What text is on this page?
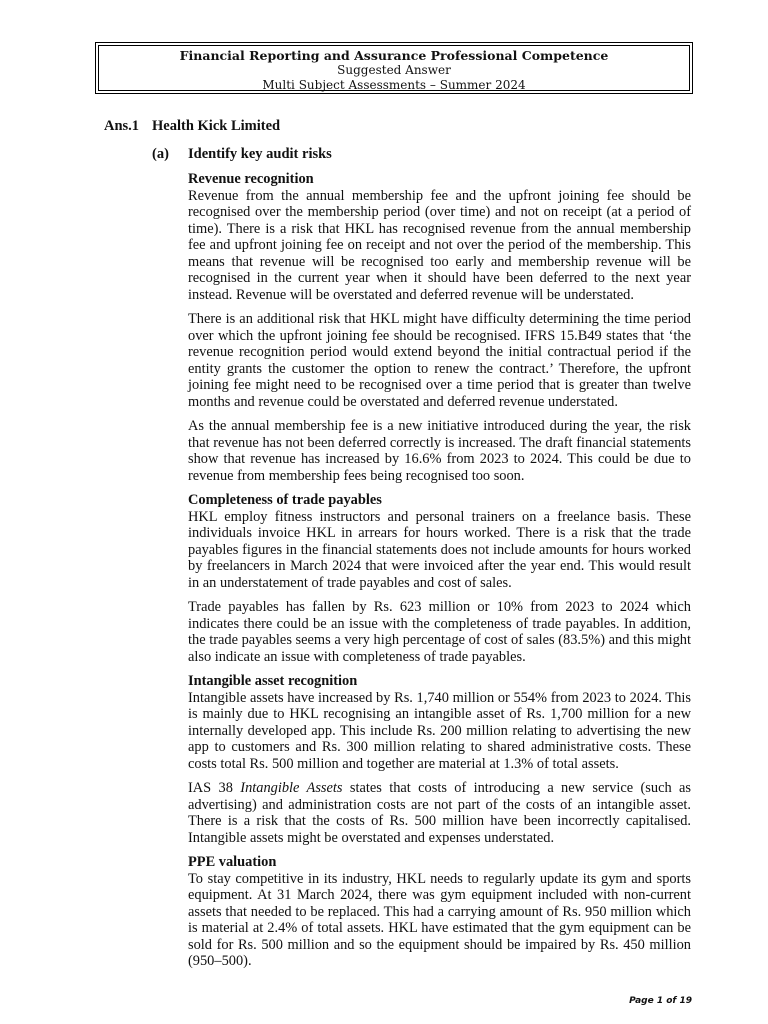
Financial Reporting and Assurance Professional Competence
Suggested Answer
Multi Subject Assessments – Summer 2024
Ans.1 Health Kick Limited
(a) Identify key audit risks
Revenue recognition

Revenue from the annual membership fee and the upfront joining fee should be recognised over the membership period (over time) and not on receipt (at a period of time). There is a risk that HKL has recognised revenue from the annual membership fee and upfront joining fee on receipt and not over the period of the membership. This means that revenue will be recognised too early and membership revenue will be recognised in the current year when it should have been deferred to the next year instead. Revenue will be overstated and deferred revenue will be understated.

There is an additional risk that HKL might have difficulty determining the time period over which the upfront joining fee should be recognised. IFRS 15.B49 states that ‘the revenue recognition period would extend beyond the initial contractual period if the entity grants the customer the option to renew the contract.’ Therefore, the upfront joining fee might need to be recognised over a time period that is greater than twelve months and revenue could be overstated and deferred revenue understated.

As the annual membership fee is a new initiative introduced during the year, the risk that revenue has not been deferred correctly is increased. The draft financial statements show that revenue has increased by 16.6% from 2023 to 2024. This could be due to revenue from membership fees being recognised too soon.

Completeness of trade payables

HKL employ fitness instructors and personal trainers on a freelance basis. These individuals invoice HKL in arrears for hours worked. There is a risk that the trade payables figures in the financial statements does not include amounts for hours worked by freelancers in March 2024 that were invoiced after the year end. This would result in an understatement of trade payables and cost of sales.

Trade payables has fallen by Rs. 623 million or 10% from 2023 to 2024 which indicates there could be an issue with the completeness of trade payables. In addition, the trade payables seems a very high percentage of cost of sales (83.5%) and this might also indicate an issue with completeness of trade payables.

Intangible asset recognition

Intangible assets have increased by Rs. 1,740 million or 554% from 2023 to 2024. This is mainly due to HKL recognising an intangible asset of Rs. 1,700 million for a new internally developed app. This include Rs. 200 million relating to advertising the new app to customers and Rs. 300 million relating to shared administrative costs. These costs total Rs. 500 million and together are material at 1.3% of total assets.

IAS 38 Intangible Assets states that costs of introducing a new service (such as advertising) and administration costs are not part of the costs of an intangible asset. There is a risk that the costs of Rs. 500 million have been incorrectly capitalised. Intangible assets might be overstated and expenses understated.

PPE valuation

To stay competitive in its industry, HKL needs to regularly update its gym and sports equipment. At 31 March 2024, there was gym equipment included with non-current assets that needed to be replaced. This had a carrying amount of Rs. 950 million which is material at 2.4% of total assets. HKL have estimated that the gym equipment can be sold for Rs. 500 million and so the equipment should be impaired by Rs. 450 million (950–500).

Page 1 of 19
